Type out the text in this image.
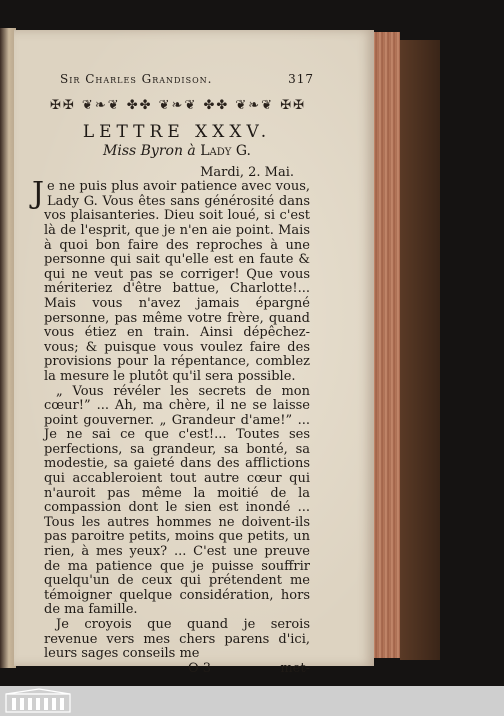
Sir Charles Grandison.	317
✠✠ ❦❧❦ ✤✤ ❦❧❦ ✤✤ ❦❧❦ ✠✠
LETTRE XXXV.
Miss Byron à Lady G.
Mardi, 2. Mai.

Je ne puis plus avoir patience avec vous, Lady G. Vous êtes sans générosité dans vos plaisanteries. Dieu soit loué, si c'est là de l'esprit, que je n'en aie point. Mais à quoi bon faire des reproches à une personne qui sait qu'elle est en faute & qui ne veut pas se corriger! Que vous mériteriez d'être battue, Charlotte!... Mais vous n'avez jamais épargné personne, pas même votre frère, quand vous étiez en train. Ainsi dépêchez-vous; & puisque vous voulez faire des provisions pour la répentance, comblez la mesure le plutôt qu'il sera possible.

„ Vous révéler les secrets de mon cœur!” ... Ah, ma chère, il ne se laisse point gouverner. „ Grandeur d'ame!” ... Je ne sai ce que c'est!... Toutes ses perfections, sa grandeur, sa bonté, sa modestie, sa gaieté dans des afflictions qui accableroient tout autre cœur qui n'auroit pas même la moitié de la compassion dont le sien est inondé ... Tous les autres hommes ne doivent-ils pas paroitre petits, moins que petits, un rien, à mes yeux? ... C'est une preuve de ma patience que je puisse souffrir quelqu'un de ceux qui prétendent me témoigner quelque considération, hors de ma famille.

Je croyois que quand je serois revenue vers mes chers parens d'ici, leurs sages conseils me

O 3	met-
